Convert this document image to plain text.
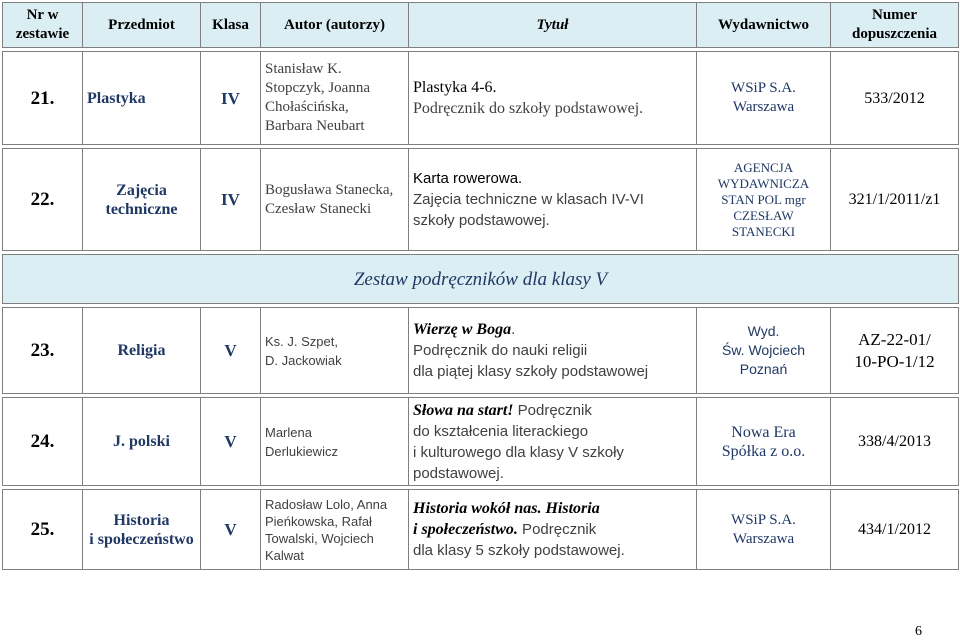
Nr w zestawie	Przedmiot	Klasa	Autor (autorzy)	Tytuł	Wydawnictwo	Numer dopuszczenia

21.	Plastyka	IV	Stanisław K.
Stopczyk, Joanna
Chołaścińska,
Barbara Neubart	Plastyka 4-6.
Podręcznik do szkoły podstawowej.	WSiP S.A.
Warszawa	533/2012

22.	Zajęcia
techniczne	IV	Bogusława Stanecka,
Czesław Stanecki	Karta rowerowa.
Zajęcia techniczne w klasach IV-VI
szkoły podstawowej.	AGENCJA
WYDAWNICZA
STAN POL mgr
CZESŁAW
STANECKI	321/1/2011/z1

Zestaw podręczników dla klasy V						

23.	Religia	V	Ks. J. Szpet,
D. Jackowiak	Wierzę w Boga.
Podręcznik do nauki religii
dla piątej klasy szkoły podstawowej	Wyd.
Św. Wojciech
Poznań	AZ-22-01/
10-PO-1/12

24.	J. polski	V	Marlena
Derlukiewicz	Słowa na start! Podręcznik
do kształcenia literackiego
i kulturowego dla klasy V szkoły
podstawowej.	Nowa Era
Spółka z o.o.	338/4/2013

25.	Historia
i społeczeństwo	V	Radosław Lolo, Anna
Pieńkowska, Rafał
Towalski, Wojciech
Kalwat	Historia wokół nas. Historia
i społeczeństwo. Podręcznik
dla klasy 5 szkoły podstawowej.	WSiP S.A.
Warszawa	434/1/2012
6
